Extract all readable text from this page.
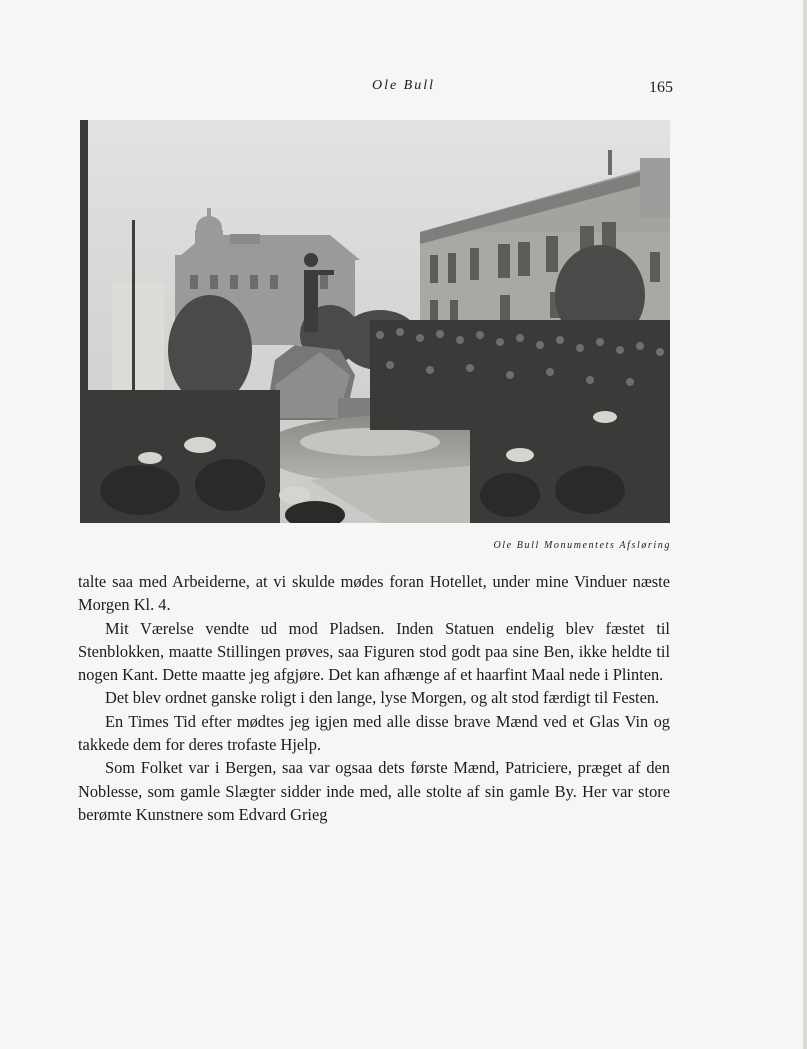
Ole Bull	165
Ole Bull Monumentets Afsløring

talte saa med Arbeiderne, at vi skulde mødes foran Hotellet, under mine Vinduer næste Morgen Kl. 4.

Mit Værelse vendte ud mod Pladsen. Inden Statuen endelig blev fæstet til Stenblokken, maatte Stillingen prøves, saa Figuren stod godt paa sine Ben, ikke heldte til nogen Kant. Dette maatte jeg afgjøre. Det kan afhænge af et haarfint Maal nede i Plinten.

Det blev ordnet ganske roligt i den lange, lyse Morgen, og alt stod færdigt til Festen.

En Times Tid efter mødtes jeg igjen med alle disse brave Mænd ved et Glas Vin og takkede dem for deres trofaste Hjelp.

Som Folket var i Bergen, saa var ogsaa dets første Mænd, Patriciere, præget af den Noblesse, som gamle Slægter sidder inde med, alle stolte af sin gamle By. Her var store berømte Kunstnere som Edvard Grieg
